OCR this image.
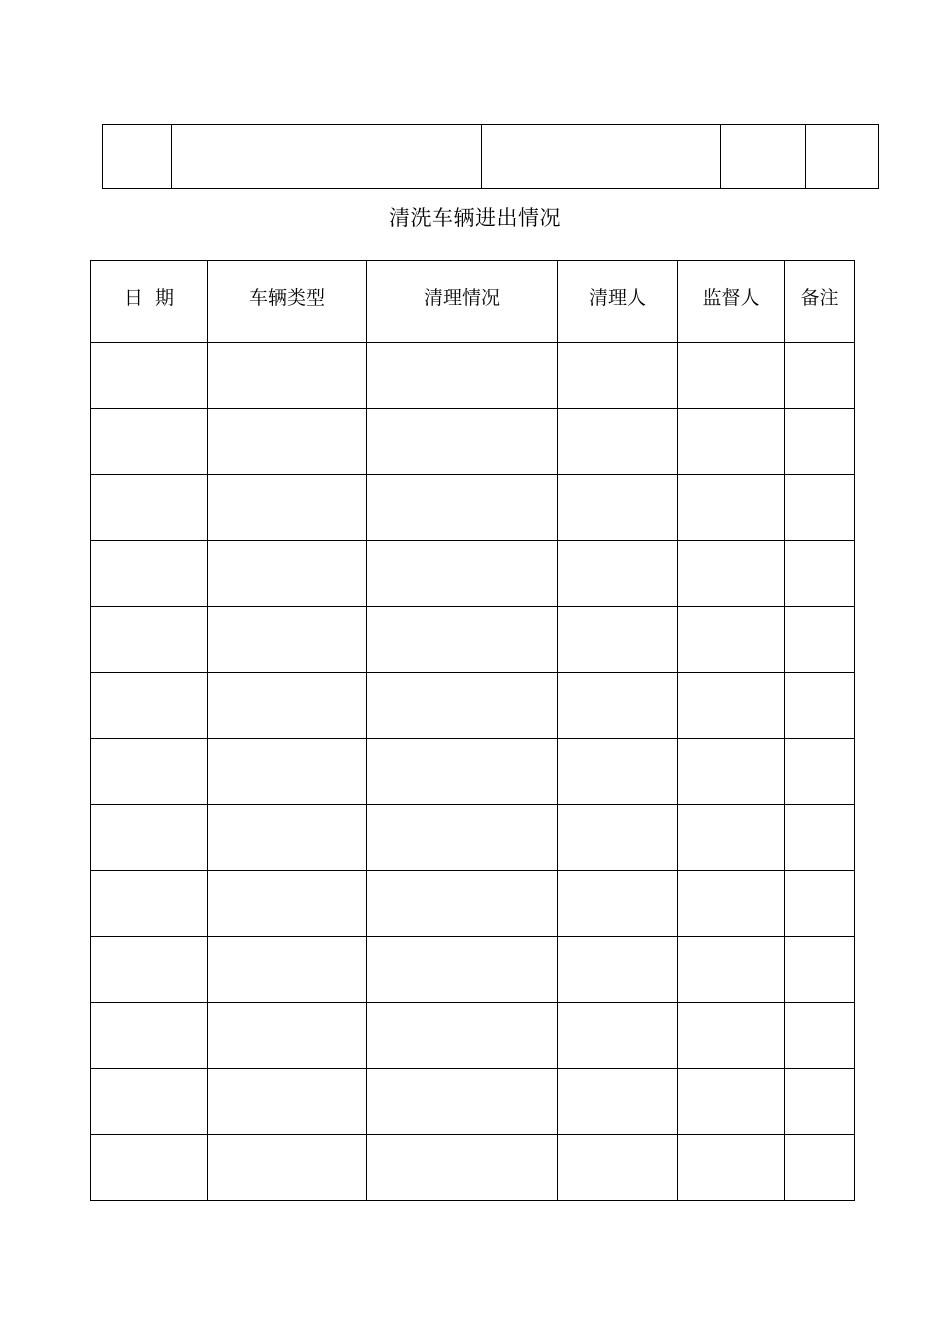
清洗车辆进出情况
日  期	车辆类型	清理情况	清理人	监督人	备注
